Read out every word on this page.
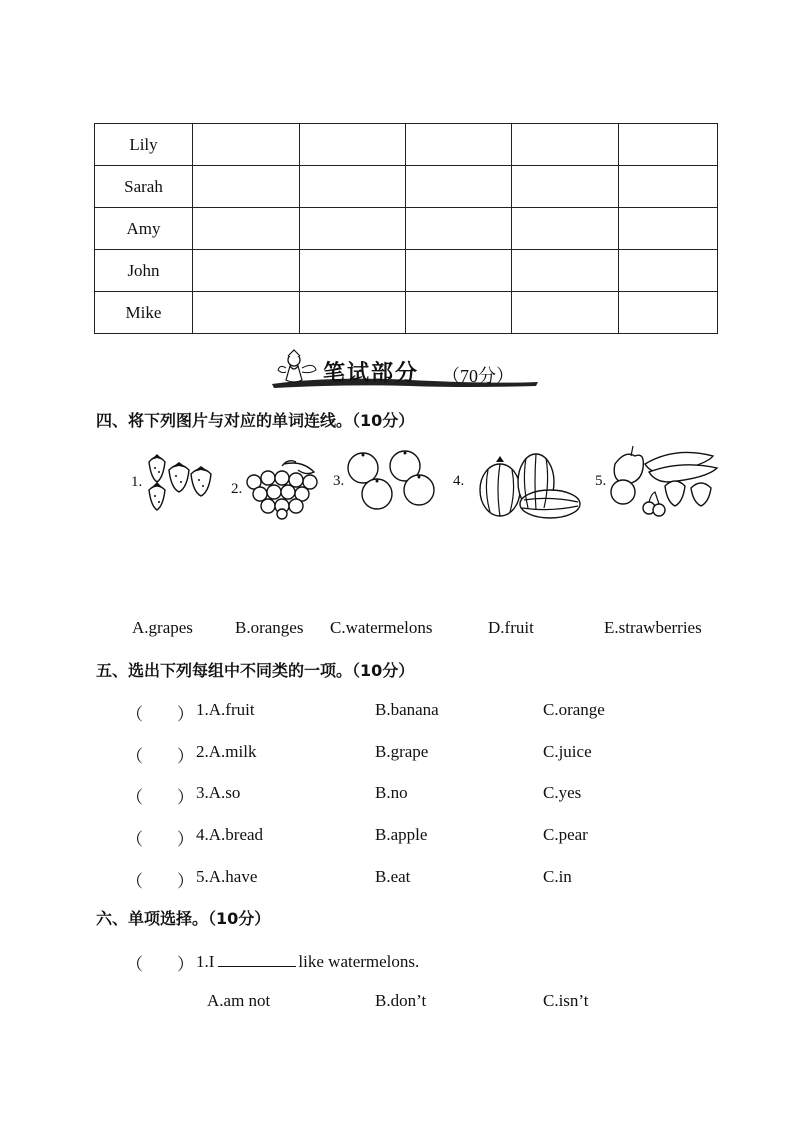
Lily					
Sarah					
Amy					
John					
Mike					
笔试部分 （70分）
四、将下列图片与对应的单词连线。（10分）
1.	2.	3.	4.	5.
A.grapes B.oranges C.watermelons	D.fruit	E.strawberries
五、选出下列每组中不同类的一项。（10分）
（　　） 1.A.fruit	B.banana	C.orange
（　　） 2.A.milk	B.grape	C.juice
（　　） 3.A.so	B.no	C.yes
（　　） 4.A.bread	B.apple	C.pear
（　　） 5.A.have	B.eat	C.in
六、单项选择。（10分）
（　　） 1.I	like watermelons.
A.am not	B.don’t	C.isn’t
